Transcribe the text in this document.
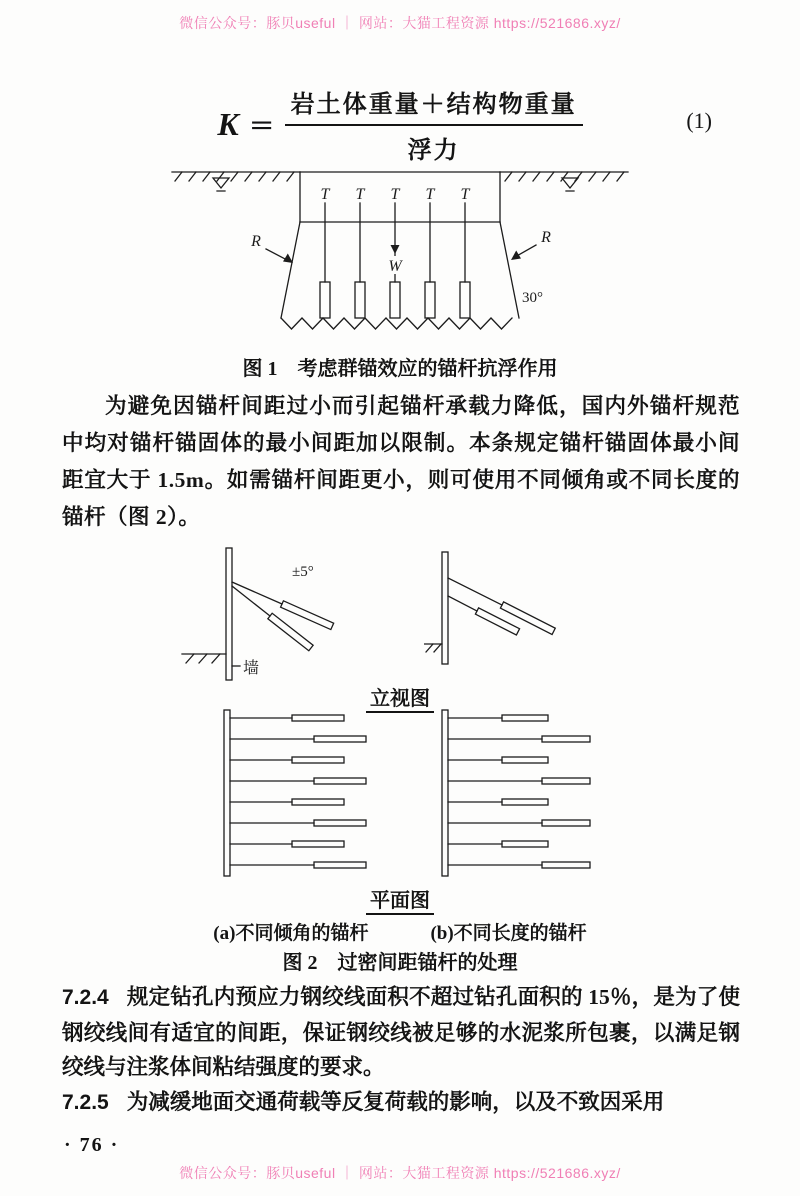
微信公众号：豚贝useful ｜ 网站：大猫工程资源 https://521686.xyz/
$K = \frac{\text{岩土体重量＋结构物重量}}{\text{浮力}}$	(1)
T T T T T
W
R	R
30°
图 1　考虑群锚效应的锚杆抗浮作用

为避免因锚杆间距过小而引起锚杆承载力降低，国内外锚杆规范中均对锚杆锚固体的最小间距加以限制。本条规定锚杆锚固体最小间距宜大于 1.5m。如需锚杆间距更小，则可使用不同倾角或不同长度的锚杆（图 2）。

±5°
墙
立视图
平面图
(a)不同倾角的锚杆	(b)不同长度的锚杆
图 2　过密间距锚杆的处理

7.2.4 规定钻孔内预应力钢绞线面积不超过钻孔面积的 15％，是为了使钢绞线间有适宜的间距，保证钢绞线被足够的水泥浆所包裹，以满足钢绞线与注浆体间粘结强度的要求。

7.2.5 为减缓地面交通荷载等反复荷载的影响，以及不致因采用

· 76 ·
微信公众号：豚贝useful ｜ 网站：大猫工程资源 https://521686.xyz/
